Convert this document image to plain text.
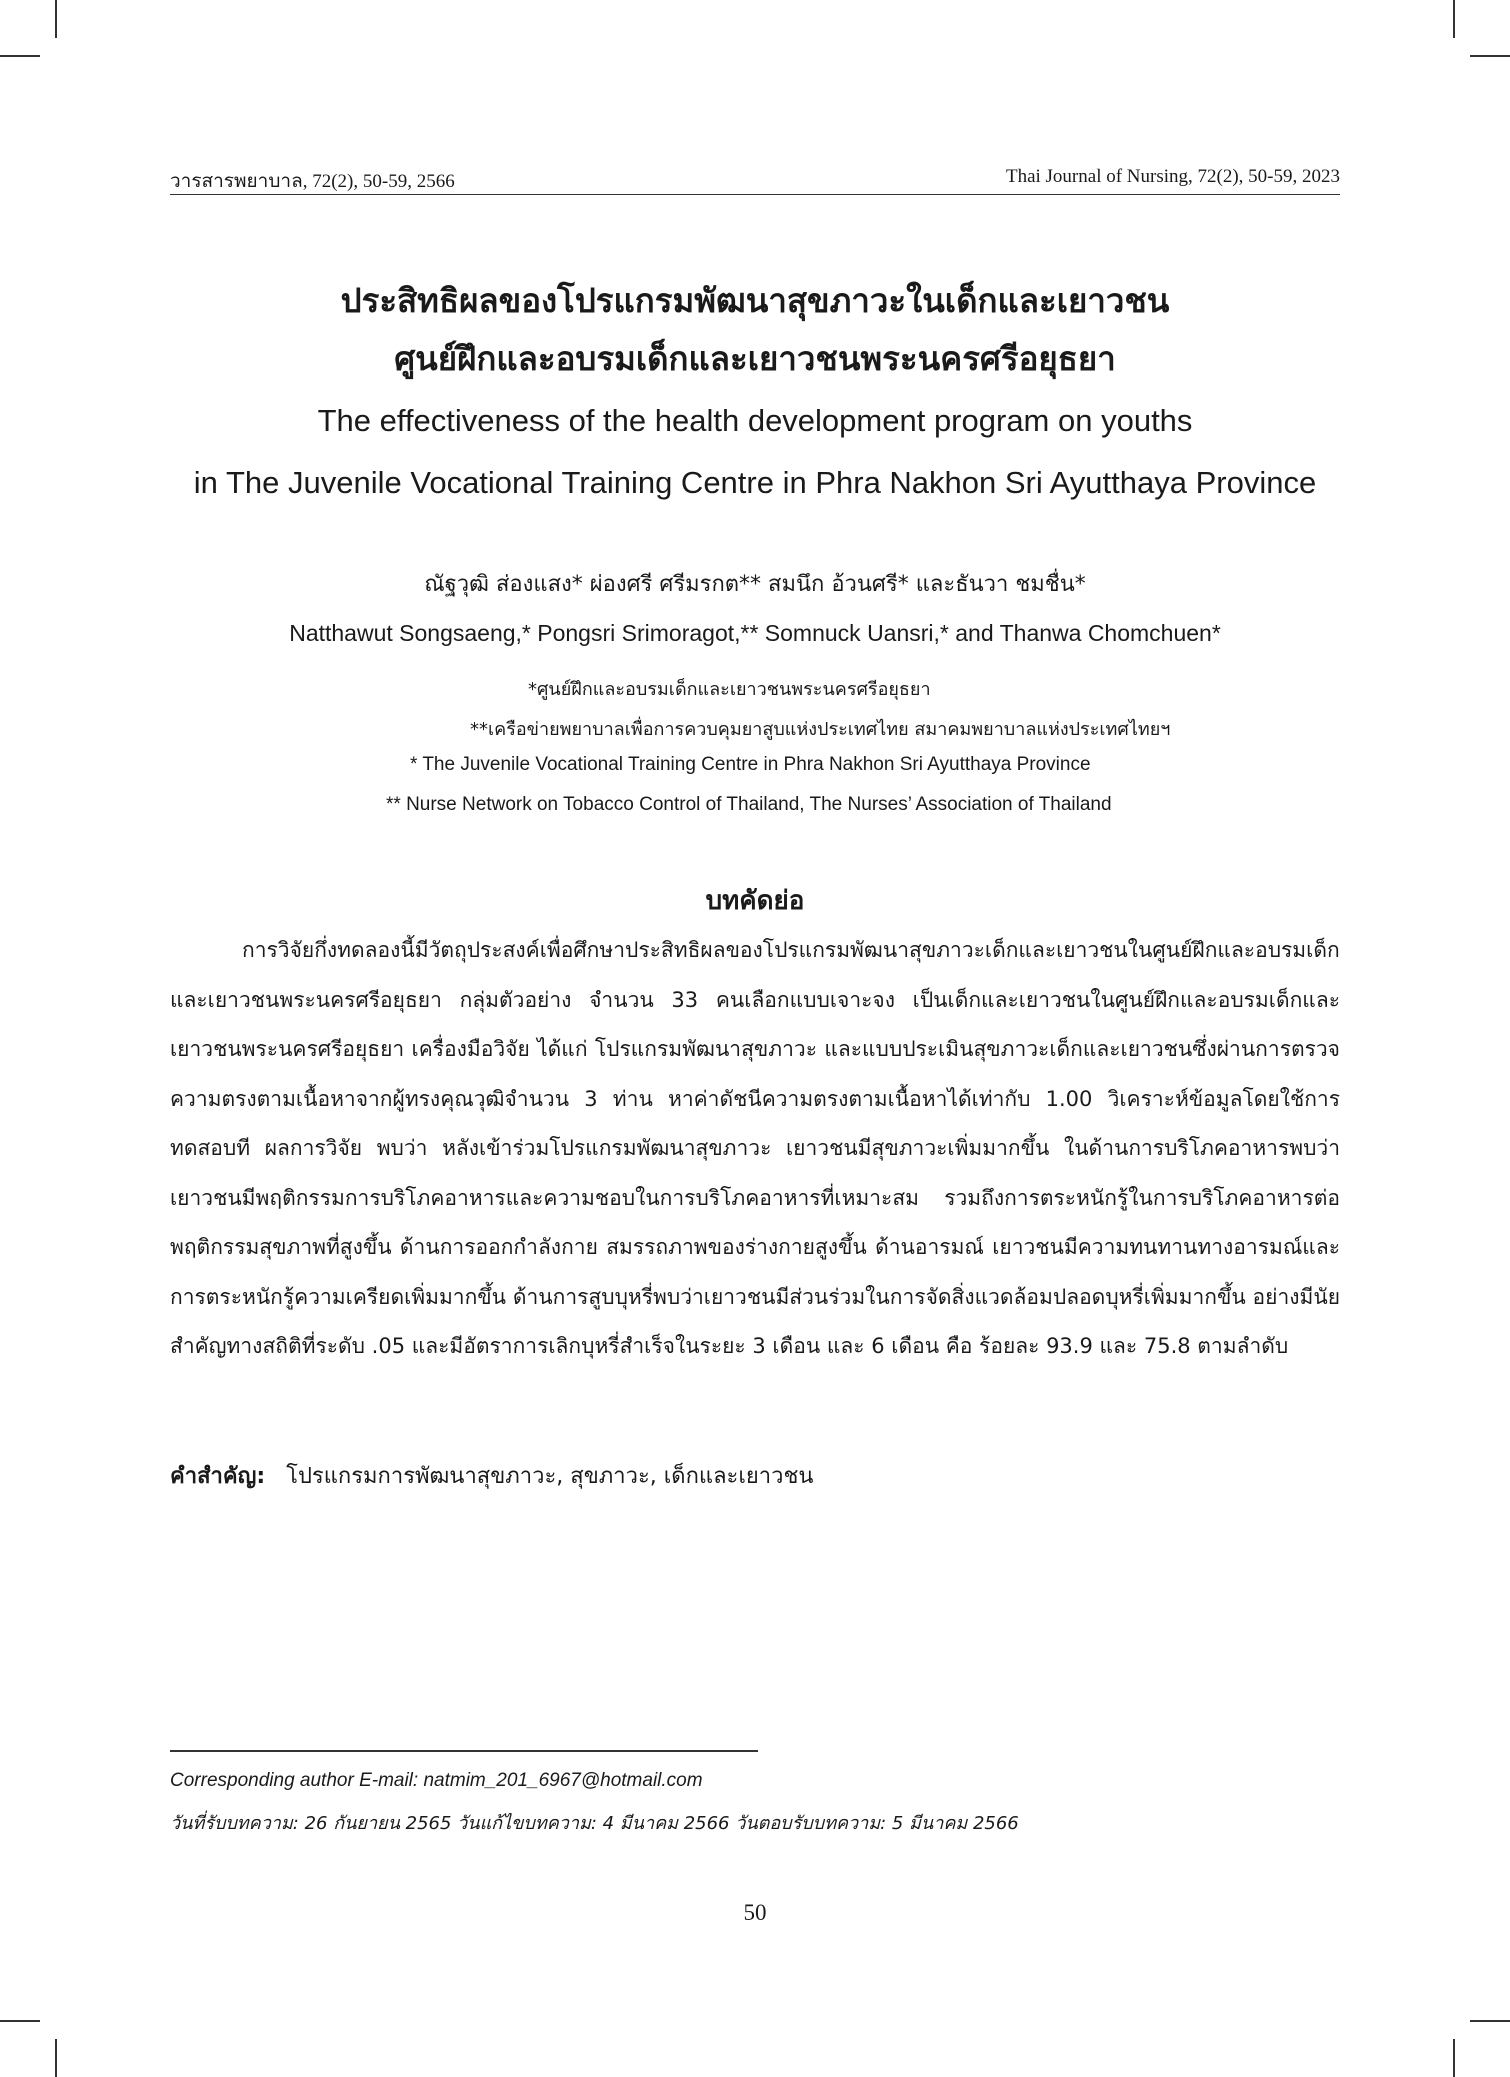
วารสารพยาบาล, 72(2), 50-59, 2566	Thai Journal of Nursing, 72(2), 50-59, 2023

ประสิทธิผลของโปรแกรมพัฒนาสุขภาวะในเด็กและเยาวชน

ศูนย์ฝึกและอบรมเด็กและเยาวชนพระนครศรีอยุธยา

The effectiveness of the health development program on youths

in The Juvenile Vocational Training Centre in Phra Nakhon Sri Ayutthaya Province

ณัฐวุฒิ ส่องแสง* ผ่องศรี ศรีมรกต** สมนึก อ้วนศรี* และธันวา ชมชื่น*
Natthawut Songsaeng,* Pongsri Srimoragot,** Somnuck Uansri,* and Thanwa Chomchuen*
*ศูนย์ฝึกและอบรมเด็กและเยาวชนพระนครศรีอยุธยา
**เครือข่ายพยาบาลเพื่อการควบคุมยาสูบแห่งประเทศไทย สมาคมพยาบาลแห่งประเทศไทยฯ
* The Juvenile Vocational Training Centre in Phra Nakhon Sri Ayutthaya Province
** Nurse Network on Tobacco Control of Thailand, The Nurses’ Association of Thailand
บทคัดย่อ

การวิจัยกึ่งทดลองนี้มีวัตถุประสงค์เพื่อศึกษาประสิทธิผลของโปรแกรมพัฒนาสุขภาวะเด็กและเยาวชนในศูนย์ฝึกและอบรมเด็กและเยาวชนพระนครศรีอยุธยา กลุ่มตัวอย่าง จำนวน 33 คนเลือกแบบเจาะจง เป็นเด็กและเยาวชนในศูนย์ฝึกและอบรมเด็กและเยาวชนพระนครศรีอยุธยา เครื่องมือวิจัย ได้แก่ โปรแกรมพัฒนาสุขภาวะ และแบบประเมินสุขภาวะเด็กและเยาวชนซึ่งผ่านการตรวจความตรงตามเนื้อหาจากผู้ทรงคุณวุฒิจำนวน 3 ท่าน หาค่าดัชนีความตรงตามเนื้อหาได้เท่ากับ 1.00 วิเคราะห์ข้อมูลโดยใช้การทดสอบที ผลการวิจัย พบว่า หลังเข้าร่วมโปรแกรมพัฒนาสุขภาวะ เยาวชนมีสุขภาวะเพิ่มมากขึ้น ในด้านการบริโภคอาหารพบว่า เยาวชนมีพฤติกรรมการบริโภคอาหารและความชอบในการบริโภคอาหารที่เหมาะสม รวมถึงการตระหนักรู้ในการบริโภคอาหารต่อพฤติกรรมสุขภาพที่สูงขึ้น ด้านการออกกำลังกาย สมรรถภาพของร่างกายสูงขึ้น ด้านอารมณ์ เยาวชนมีความทนทานทางอารมณ์และการตระหนักรู้ความเครียดเพิ่มมากขึ้น ด้านการสูบบุหรี่พบว่าเยาวชนมีส่วนร่วมในการจัดสิ่งแวดล้อมปลอดบุหรี่เพิ่มมากขึ้น อย่างมีนัยสำคัญทางสถิติที่ระดับ .05 และมีอัตราการเลิกบุหรี่สำเร็จในระยะ 3 เดือน และ 6 เดือน คือ ร้อยละ 93.9 และ 75.8 ตามลำดับ

คำสำคัญ: โปรแกรมการพัฒนาสุขภาวะ, สุขภาวะ, เด็กและเยาวชน
Corresponding author E-mail: natmim_201_6967@hotmail.com
วันที่รับบทความ: 26 กันยายน 2565 วันแก้ไขบทความ: 4 มีนาคม 2566 วันตอบรับบทความ: 5 มีนาคม 2566
50
